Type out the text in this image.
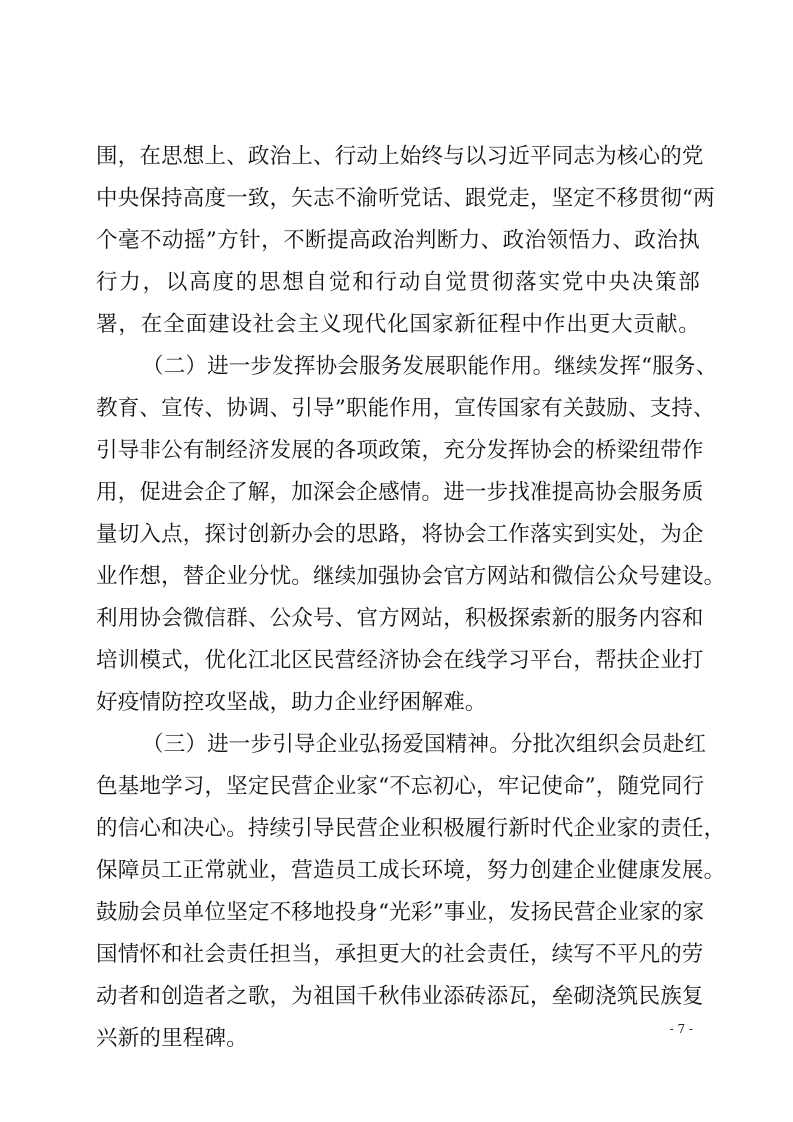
围，在思想上、政治上、行动上始终与以习近平同志为核心的党
中央保持高度一致，矢志不渝听党话、跟党走，坚定不移贯彻“两
个毫不动摇”方针，不断提高政治判断力、政治领悟力、政治执
行力，以高度的思想自觉和行动自觉贯彻落实党中央决策部
署，在全面建设社会主义现代化国家新征程中作出更大贡献。
（二）进一步发挥协会服务发展职能作用。继续发挥“服务、
教育、宣传、协调、引导”职能作用，宣传国家有关鼓励、支持、
引导非公有制经济发展的各项政策，充分发挥协会的桥梁纽带作
用，促进会企了解，加深会企感情。进一步找准提高协会服务质
量切入点，探讨创新办会的思路，将协会工作落实到实处，为企
业作想，替企业分忧。继续加强协会官方网站和微信公众号建设。
利用协会微信群、公众号、官方网站，积极探索新的服务内容和
培训模式，优化江北区民营经济协会在线学习平台，帮扶企业打
好疫情防控攻坚战，助力企业纾困解难。
（三）进一步引导企业弘扬爱国精神。分批次组织会员赴红
色基地学习，坚定民营企业家“不忘初心，牢记使命”，随党同行
的信心和决心。持续引导民营企业积极履行新时代企业家的责任，
保障员工正常就业，营造员工成长环境，努力创建企业健康发展。
鼓励会员单位坚定不移地投身“光彩”事业，发扬民营企业家的家
国情怀和社会责任担当，承担更大的社会责任，续写不平凡的劳
动者和创造者之歌，为祖国千秋伟业添砖添瓦，垒砌浇筑民族复
兴新的里程碑。	- 7 -
